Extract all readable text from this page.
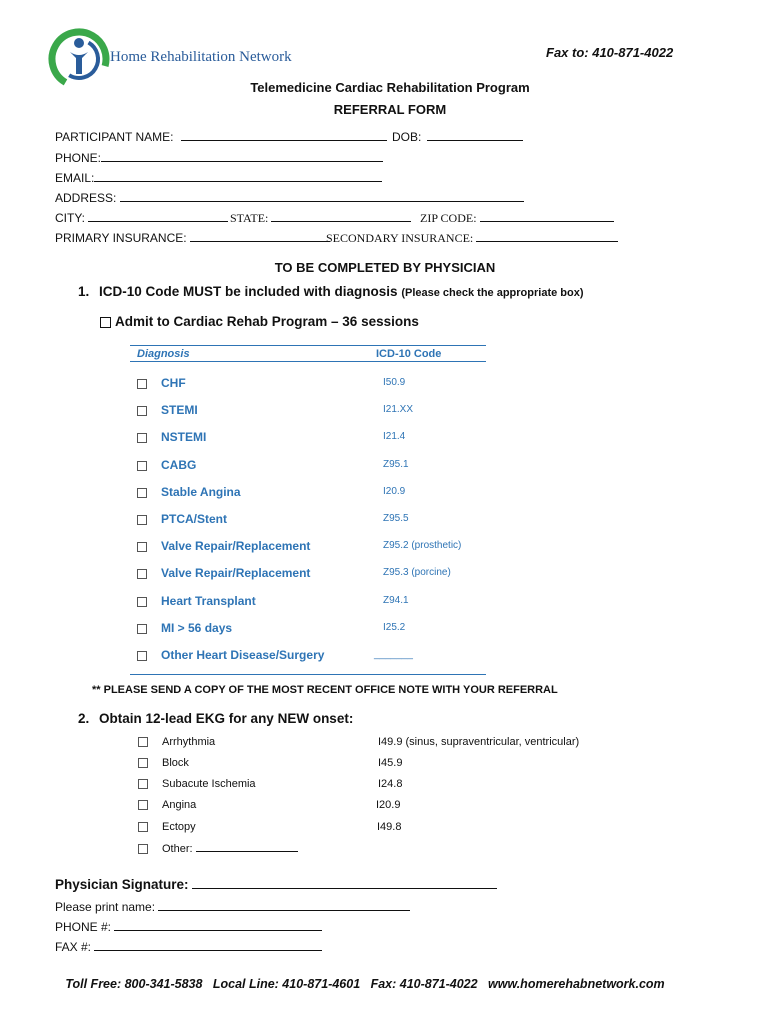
Home Rehabilitation Network	Fax to: 410-871-4022
Telemedicine Cardiac Rehabilitation Program
REFERRAL FORM
PARTICIPANT NAME:	DOB:
PHONE:
EMAIL:
ADDRESS:
CITY:	STATE:	ZIP CODE:
PRIMARY INSURANCE:	SECONDARY INSURANCE:
TO BE COMPLETED BY PHYSICIAN
1. ICD-10 Code MUST be included with diagnosis (Please check the appropriate box)
Admit to Cardiac Rehab Program – 36 sessions
Diagnosis	ICD-10 Code
CHF	I50.9
STEMI	I21.XX
NSTEMI	I21.4
CABG	Z95.1
Stable Angina	I20.9
PTCA/Stent	Z95.5
Valve Repair/Replacement	Z95.2 (prosthetic)
Valve Repair/Replacement	Z95.3 (porcine)
Heart Transplant	Z94.1
MI > 56 days	I25.2
Other Heart Disease/Surgery	_______
** PLEASE SEND A COPY OF THE MOST RECENT OFFICE NOTE WITH YOUR REFERRAL
2. Obtain 12-lead EKG for any NEW onset:
Arrhythmia	I49.9 (sinus, supraventricular, ventricular)
Block	I45.9
Subacute Ischemia	I24.8
Angina	I20.9
Ectopy	I49.8
Other:
Physician Signature:
Please print name:
PHONE #:
FAX #:
Toll Free: 800-341-5838   Local Line: 410-871-4601   Fax: 410-871-4022   www.homerehabnetwork.com
